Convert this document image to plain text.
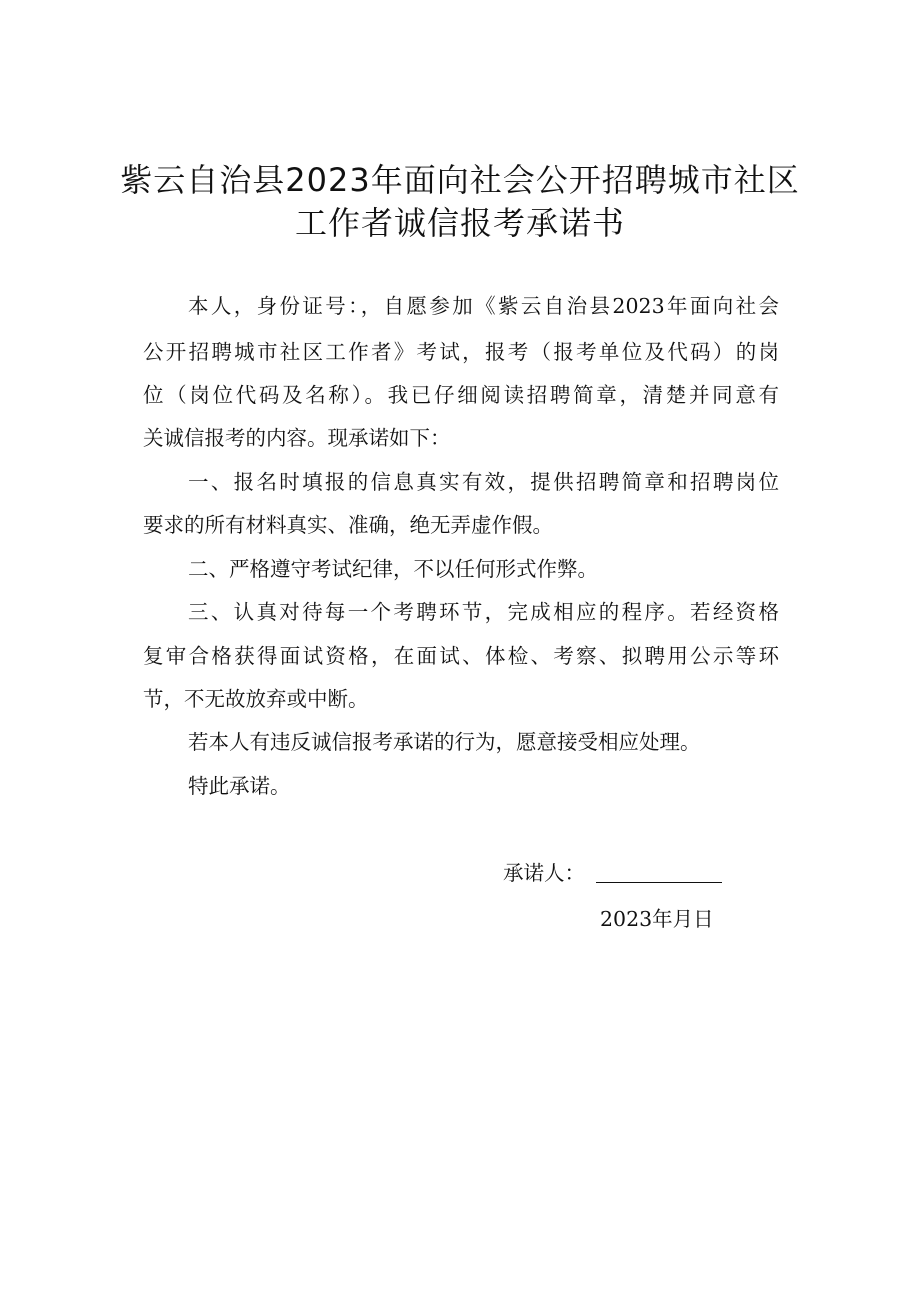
紫云自治县2023年面向社会公开招聘城市社区
工作者诚信报考承诺书
本人，身份证号：，自愿参加《紫云自治县2023年面向社会
公开招聘城市社区工作者》考试，报考（报考单位及代码）的岗
位（岗位代码及名称）。我已仔细阅读招聘简章，清楚并同意有
关诚信报考的内容。现承诺如下：
一、报名时填报的信息真实有效，提供招聘简章和招聘岗位
要求的所有材料真实、准确，绝无弄虚作假。
二、严格遵守考试纪律，不以任何形式作弊。
三、认真对待每一个考聘环节，完成相应的程序。若经资格
复审合格获得面试资格，在面试、体检、考察、拟聘用公示等环
节，不无故放弃或中断。
若本人有违反诚信报考承诺的行为，愿意接受相应处理。
特此承诺。
承诺人：
2023年月日
